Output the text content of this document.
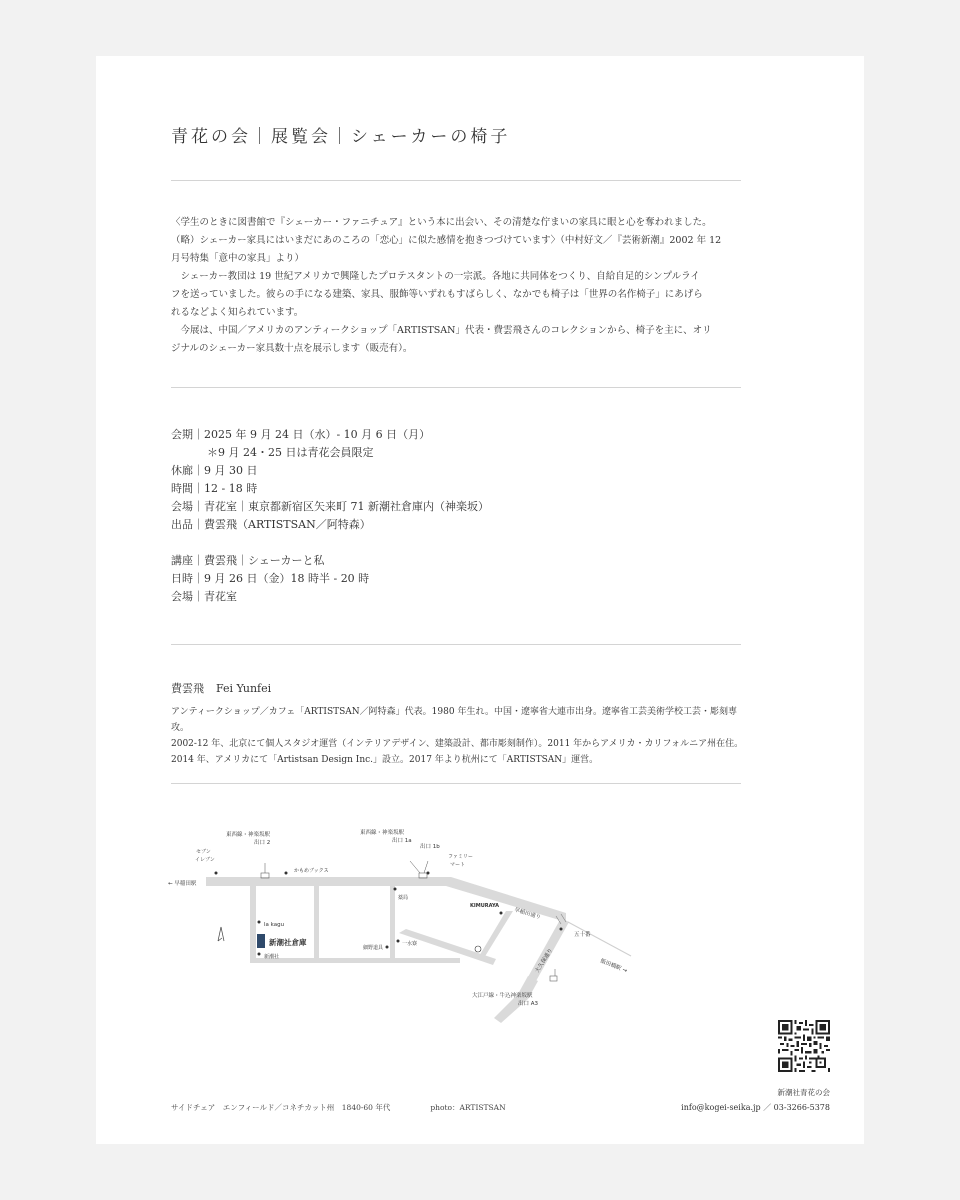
青花の会｜展覧会｜シェーカーの椅子

〈学生のときに図書館で『シェーカー・ファニチュア』という本に出会い、その清楚な佇まいの家具に眼と心を奪われました。

（略）シェーカー家具にはいまだにあのころの「恋心」に似た感情を抱きつづけています〉（中村好文／『芸術新潮』2002 年 12

月号特集「意中の家具」より）

　シェーカー教団は 19 世紀アメリカで興隆したプロテスタントの一宗派。各地に共同体をつくり、自給自足的シンプルライ

フを送っていました。彼らの手になる建築、家具、服飾等いずれもすばらしく、なかでも椅子は「世界の名作椅子」にあげら

れるなどよく知られています。

　今展は、中国／アメリカのアンティークショップ「ARTISTSAN」代表・費雲飛さんのコレクションから、椅子を主に、オリ

ジナルのシェーカー家具数十点を展示します（販売有）。

会期｜2025 年 9 月 24 日（水）- 10 月 6 日（月）
＊9 月 24・25 日は青花会員限定
休廊｜9 月 30 日
時間｜12 - 18 時
会場｜青花室｜東京都新宿区矢来町 71 新潮社倉庫内（神楽坂）
出品｜費雲飛（ARTISTSAN／阿特森）
講座｜費雲飛｜シェーカーと私
日時｜9 月 26 日（金）18 時半 - 20 時
会場｜青花室
費雲飛 Fei Yunfei

アンティークショップ／カフェ「ARTISTSAN／阿特森」代表。1980 年生れ。中国・遼寧省大連市出身。遼寧省工芸美術学校工芸・彫刻専攻。

2002-12 年、北京にて個人スタジオ運営（インテリアデザイン、建築設計、都市彫刻制作）。2011 年からアメリカ・カリフォルニア州在住。

2014 年、アメリカにて「Artistsan Design Inc.」設立。2017 年より杭州にて「ARTISTSAN」運営。

東西線・神楽坂駅
出口 2
東西線・神楽坂駅
出口 1a
出口 1b
セブン
イレブン
かもめブックス
ファミリー
マート
← 早稲田駅
薬局
KIMURAYA
早稲田通り
五十番
飯田橋駅 →
la kagu
新潮社倉庫
新潮社
細野道具
一水寮
大久保通り
大江戸線・牛込神楽坂駅
出口 A3
サイドチェア　エンフィールド／コネチカット州　1840-60 年代	photo：ARTISTSAN
新潮社青花の会
info@kogei-seika.jp ／ 03-3266-5378
